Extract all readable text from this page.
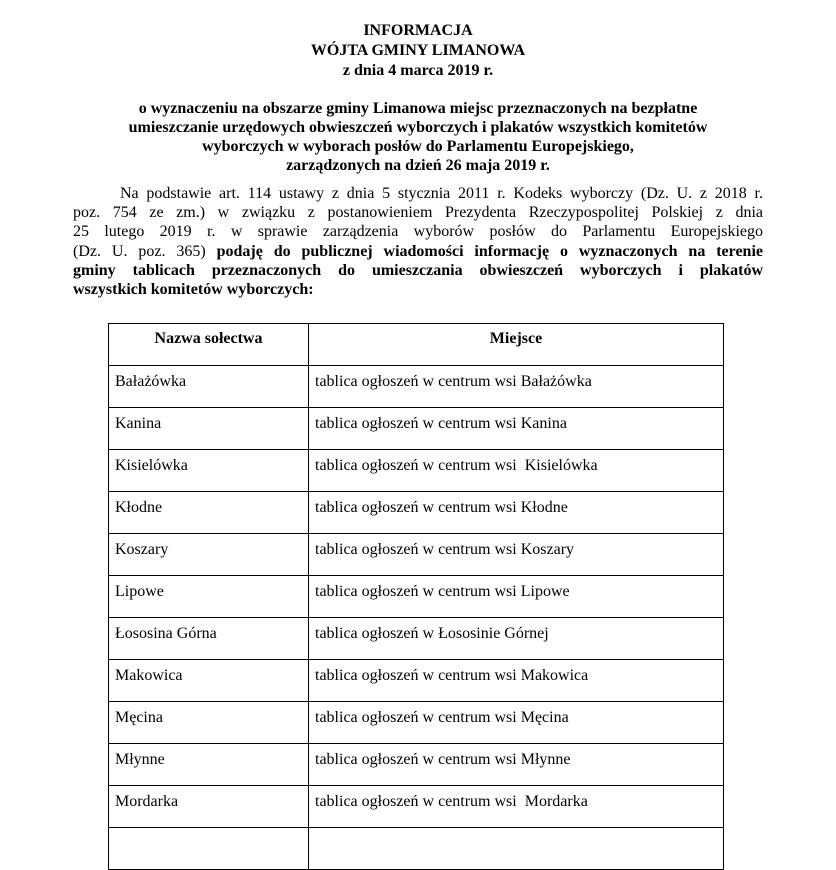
INFORMACJA
WÓJTA GMINY LIMANOWA
z dnia 4 marca 2019 r.
o wyznaczeniu na obszarze gminy Limanowa miejsc przeznaczonych na bezpłatne
umieszczanie urzędowych obwieszczeń wyborczych i plakatów wszystkich komitetów
wyborczych w wyborach posłów do Parlamentu Europejskiego,
zarządzonych na dzień 26 maja 2019 r.
Na podstawie art. 114 ustawy z dnia 5 stycznia 2011 r. Kodeks wyborczy (Dz. U. z 2018 r.
poz. 754 ze zm.) w związku z postanowieniem Prezydenta Rzeczypospolitej Polskiej z dnia
25 lutego 2019 r. w sprawie zarządzenia wyborów posłów do Parlamentu Europejskiego
(Dz. U. poz. 365) podaję do publicznej wiadomości informację o wyznaczonych na terenie
gminy tablicach przeznaczonych do umieszczania obwieszczeń wyborczych i plakatów
wszystkich komitetów wyborczych:
Nazwa sołectwa	Miejsce
Bałażówka	tablica ogłoszeń w centrum wsi Bałażówka
Kanina	tablica ogłoszeń w centrum wsi Kanina
Kisielówka	tablica ogłoszeń w centrum wsi  Kisielówka
Kłodne	tablica ogłoszeń w centrum wsi Kłodne
Koszary	tablica ogłoszeń w centrum wsi Koszary
Lipowe	tablica ogłoszeń w centrum wsi Lipowe
Łososina Górna	tablica ogłoszeń w Łososinie Górnej
Makowica	tablica ogłoszeń w centrum wsi Makowica
Męcina	tablica ogłoszeń w centrum wsi Męcina
Młynne	tablica ogłoszeń w centrum wsi Młynne
Mordarka	tablica ogłoszeń w centrum wsi  Mordarka
